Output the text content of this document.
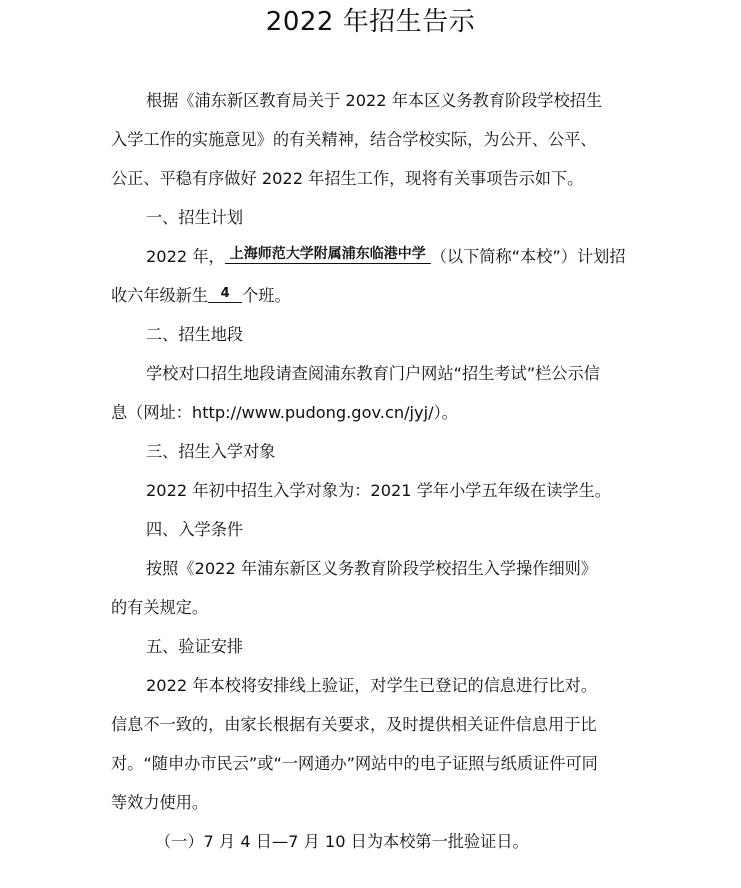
2022 年招生告示
根据《浦东新区教育局关于 2022 年本区义务教育阶段学校招生
入学工作的实施意见》的有关精神，结合学校实际，为公开、公平、
公正、平稳有序做好 2022 年招生工作，现将有关事项告示如下。
一、招生计划
2022 年， 上海师范大学附属浦东临港中学 （以下简称“本校”）计划招
收六年级新生 4 个班。
二、招生地段
学校对口招生地段请查阅浦东教育门户网站“招生考试”栏公示信
息（网址：http://www.pudong.gov.cn/jyj/）。
三、招生入学对象
2022 年初中招生入学对象为：2021 学年小学五年级在读学生。
四、入学条件
按照《2022 年浦东新区义务教育阶段学校招生入学操作细则》
的有关规定。
五、验证安排
2022 年本校将安排线上验证，对学生已登记的信息进行比对。
信息不一致的，由家长根据有关要求，及时提供相关证件信息用于比
对。“随申办市民云”或“一网通办”网站中的电子证照与纸质证件可同
等效力使用。
（一）7 月 4 日—7 月 10 日为本校第一批验证日。
